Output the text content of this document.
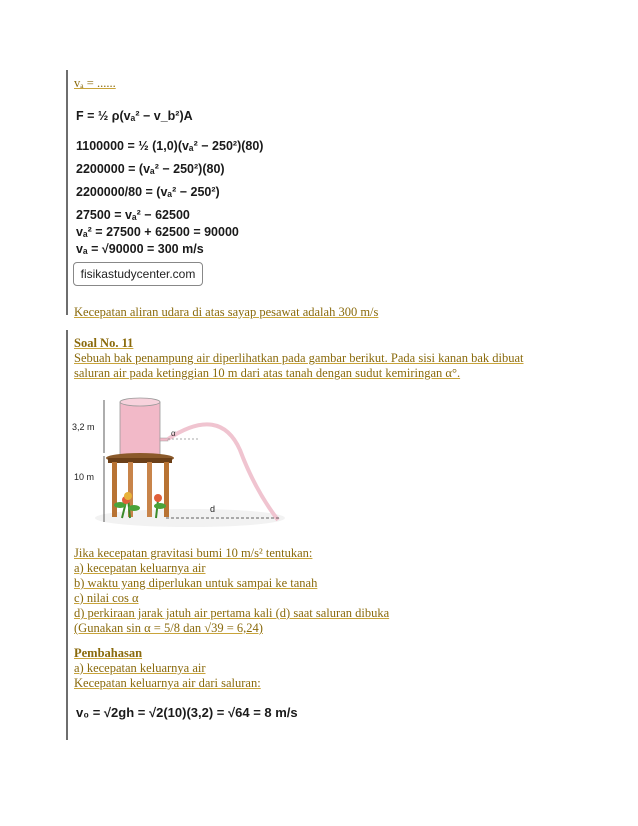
vₐ = ......
F = ½ ρ(vₐ² − v_b²)A
1100000 = ½ (1,0)(vₐ² − 250²)(80)
2200000 = (vₐ² − 250²)(80)
2200000/80 = (vₐ² − 250²)
27500 = vₐ² − 62500
vₐ² = 27500 + 62500 = 90000
vₐ = √90000 = 300 m/s
fisikastudycenter.com
Kecepatan aliran udara di atas sayap pesawat adalah 300 m/s
Soal No. 11
Sebuah bak penampung air diperlihatkan pada gambar berikut. Pada sisi kanan bak dibuat
saluran air pada ketinggian 10 m dari atas tanah dengan sudut kemiringan α°.
α
3,2 m
10 m
d
Jika kecepatan gravitasi bumi 10 m/s² tentukan:
a) kecepatan keluarnya air
b) waktu yang diperlukan untuk sampai ke tanah
c) nilai cos α
d) perkiraan jarak jatuh air pertama kali (d) saat saluran dibuka
(Gunakan sin α = 5/8 dan √39 = 6,24)
Pembahasan
a) kecepatan keluarnya air
Kecepatan keluarnya air dari saluran:
v₀ = √2gh = √2(10)(3,2) = √64 = 8 m/s
